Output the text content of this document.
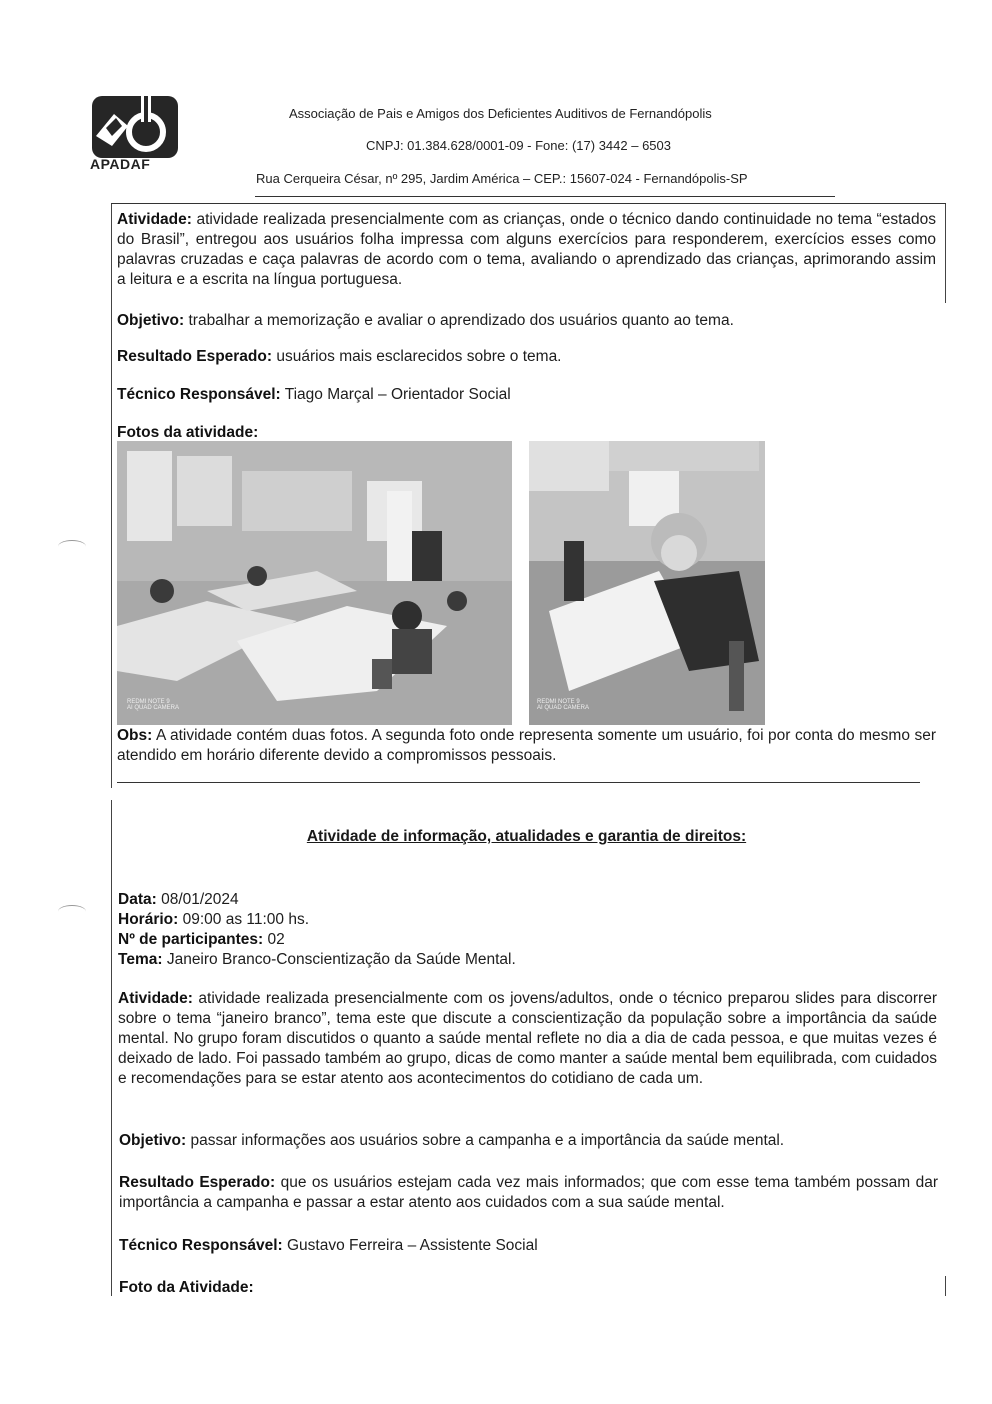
APADAF
Associação de Pais e Amigos dos Deficientes Auditivos de Fernandópolis
CNPJ: 01.384.628/0001-09 - Fone: (17) 3442 – 6503
Rua Cerqueira César, nº 295, Jardim América – CEP.: 15607-024 - Fernandópolis-SP
Atividade: atividade realizada presencialmente com as crianças, onde o técnico dando continuidade no tema “estados do Brasil”, entregou aos usuários folha impressa com alguns exercícios para responderem, exercícios esses como palavras cruzadas e caça palavras de acordo com o tema, avaliando o aprendizado das crianças, aprimorando assim a leitura e a escrita na língua portuguesa.
Objetivo: trabalhar a memorização e avaliar o aprendizado dos usuários quanto ao tema.
Resultado Esperado: usuários mais esclarecidos sobre o tema.
Técnico Responsável: Tiago Marçal – Orientador Social
Fotos da atividade:
REDMI NOTE 9
AI QUAD CAMERA
REDMI NOTE 9
AI QUAD CAMERA
Obs: A atividade contém duas fotos. A segunda foto onde representa somente um usuário, foi por conta do mesmo ser atendido em horário diferente devido a compromissos pessoais.
Atividade de informação, atualidades e garantia de direitos:
Data: 08/01/2024
Horário: 09:00 as 11:00 hs.
Nº de participantes: 02
Tema: Janeiro Branco-Conscientização da Saúde Mental.
Atividade: atividade realizada presencialmente com os jovens/adultos, onde o técnico preparou slides para discorrer sobre o tema “janeiro branco”, tema este que discute a conscientização da população sobre a importância da saúde mental. No grupo foram discutidos o quanto a saúde mental reflete no dia a dia de cada pessoa, e que muitas vezes é deixado de lado. Foi passado também ao grupo, dicas de como manter a saúde mental bem equilibrada, com cuidados e recomendações para se estar atento aos acontecimentos do cotidiano de cada um.
Objetivo: passar informações aos usuários sobre a campanha e a importância da saúde mental.
Resultado Esperado: que os usuários estejam cada vez mais informados; que com esse tema também possam dar importância a campanha e passar a estar atento aos cuidados com a sua saúde mental.
Técnico Responsável: Gustavo Ferreira – Assistente Social
Foto da Atividade:
